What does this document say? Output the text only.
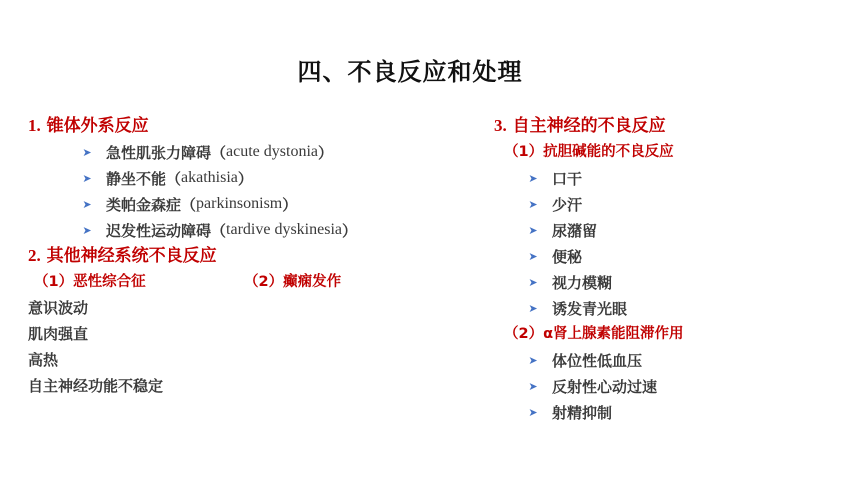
四、不良反应和处理
1. 锥体外系反应
➤ 急性肌张力障碍（ acute dystonia ）
➤ 静坐不能（ akathisia ）
➤ 类帕金森症（ parkinsonism ）
➤ 迟发性运动障碍（ tardive dyskinesia ）
2. 其他神经系统不良反应
（1）恶性综合征	（2）癫痫发作
意识波动
肌肉强直
高热
自主神经功能不稳定
3. 自主神经的不良反应
（1）抗胆碱能的不良反应
➤ 口干
➤ 少汗
➤ 尿潴留
➤ 便秘
➤ 视力模糊
➤ 诱发青光眼
（2）α肾上腺素能阻滞作用
➤ 体位性低血压
➤ 反射性心动过速
➤ 射精抑制
